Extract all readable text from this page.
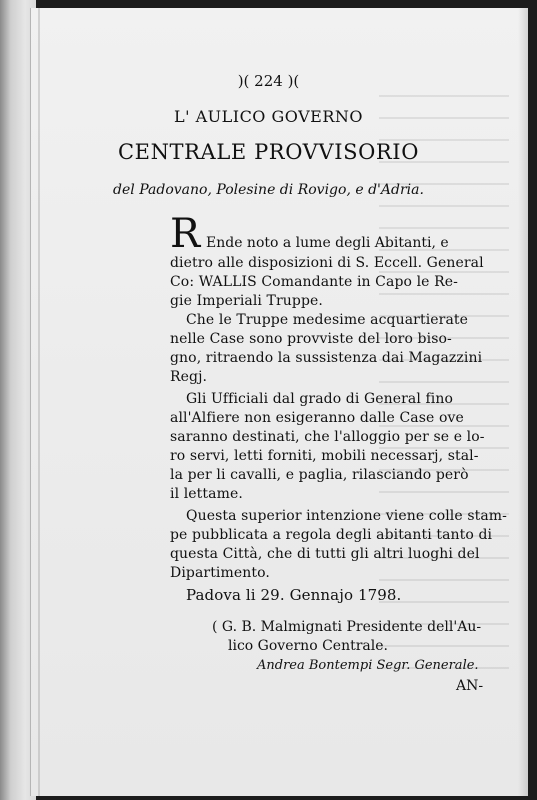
)( 224 )(
L' AULICO GOVERNO
CENTRALE PROVVISORIO
del Padovano, Polesine di Rovigo, e d'Adria.
R Ende noto a lume degli Abitanti, e
dietro alle disposizioni di S. Eccell. General
Co: WALLIS Comandante in Capo le Re-
gie Imperiali Truppe.
Che le Truppe medesime acquartierate
nelle Case sono provviste del loro biso-
gno, ritraendo la sussistenza dai Magazzini
Regj.
Gli Ufficiali dal grado di General fino
all'Alfiere non esigeranno dalle Case ove
saranno destinati, che l'alloggio per se e lo-
ro servi, letti forniti, mobili necessarj, stal-
la per li cavalli, e paglia, rilasciando però
il lettame.
Questa superior intenzione viene colle stam-
pe pubblicata a regola degli abitanti tanto di
questa Città, che di tutti gli altri luoghi del
Dipartimento.
Padova li 29. Gennajo 1798.
( G. B. Malmignati Presidente dell'Au-
lico Governo Centrale.
Andrea Bontempi Segr. Generale.
AN-
